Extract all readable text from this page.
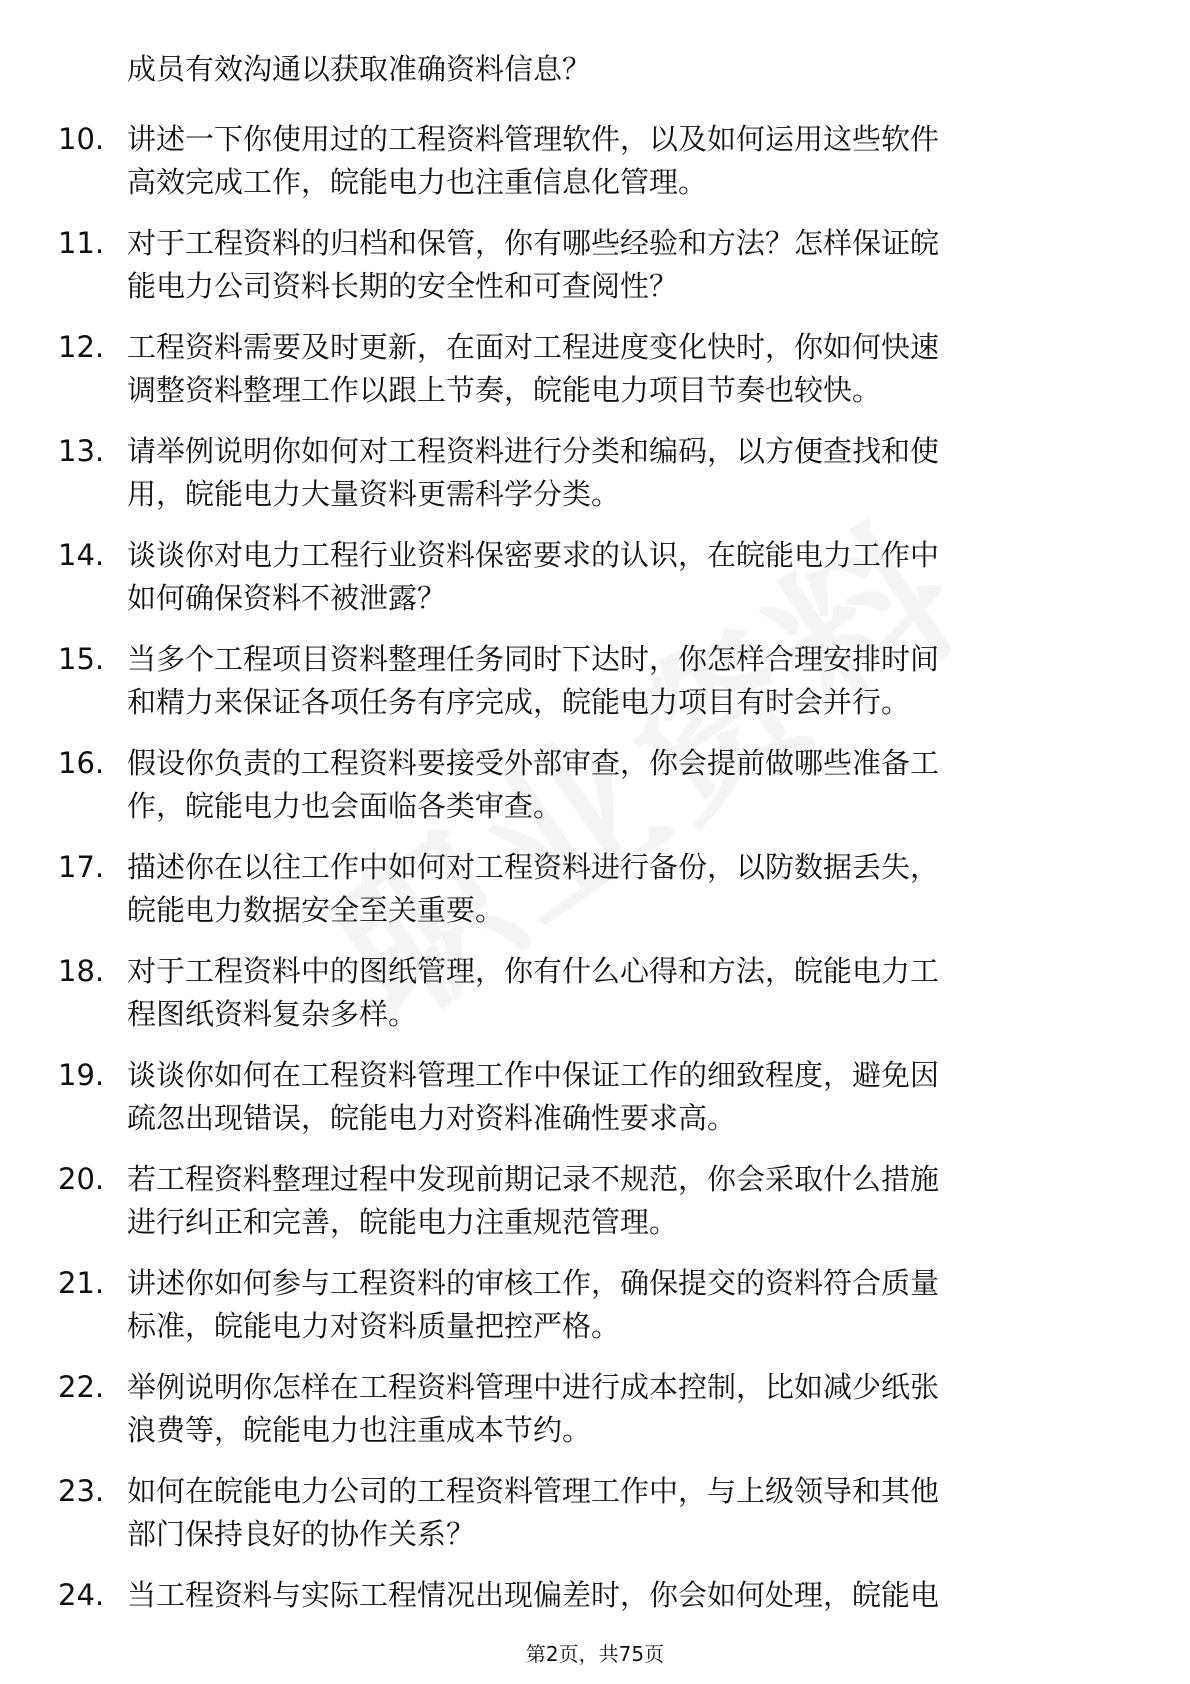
成员有效沟通以获取准确资料信息？
10. 讲述一下你使用过的工程资料管理软件，以及如何运用这些软件
高效完成工作，皖能电力也注重信息化管理。
11. 对于工程资料的归档和保管，你有哪些经验和方法？怎样保证皖
能电力公司资料长期的安全性和可查阅性？
12. 工程资料需要及时更新，在面对工程进度变化快时，你如何快速
调整资料整理工作以跟上节奏，皖能电力项目节奏也较快。
13. 请举例说明你如何对工程资料进行分类和编码，以方便查找和使
用，皖能电力大量资料更需科学分类。
14. 谈谈你对电力工程行业资料保密要求的认识，在皖能电力工作中
如何确保资料不被泄露？
15. 当多个工程项目资料整理任务同时下达时，你怎样合理安排时间
和精力来保证各项任务有序完成，皖能电力项目有时会并行。
16. 假设你负责的工程资料要接受外部审查，你会提前做哪些准备工
作，皖能电力也会面临各类审查。
17. 描述你在以往工作中如何对工程资料进行备份，以防数据丢失，
皖能电力数据安全至关重要。
18. 对于工程资料中的图纸管理，你有什么心得和方法，皖能电力工
程图纸资料复杂多样。
19. 谈谈你如何在工程资料管理工作中保证工作的细致程度，避免因
疏忽出现错误，皖能电力对资料准确性要求高。
20. 若工程资料整理过程中发现前期记录不规范，你会采取什么措施
进行纠正和完善，皖能电力注重规范管理。
21. 讲述你如何参与工程资料的审核工作，确保提交的资料符合质量
标准，皖能电力对资料质量把控严格。
22. 举例说明你怎样在工程资料管理中进行成本控制，比如减少纸张
浪费等，皖能电力也注重成本节约。
23. 如何在皖能电力公司的工程资料管理工作中，与上级领导和其他
部门保持良好的协作关系？
24. 当工程资料与实际工程情况出现偏差时，你会如何处理，皖能电
第2页，共75页
